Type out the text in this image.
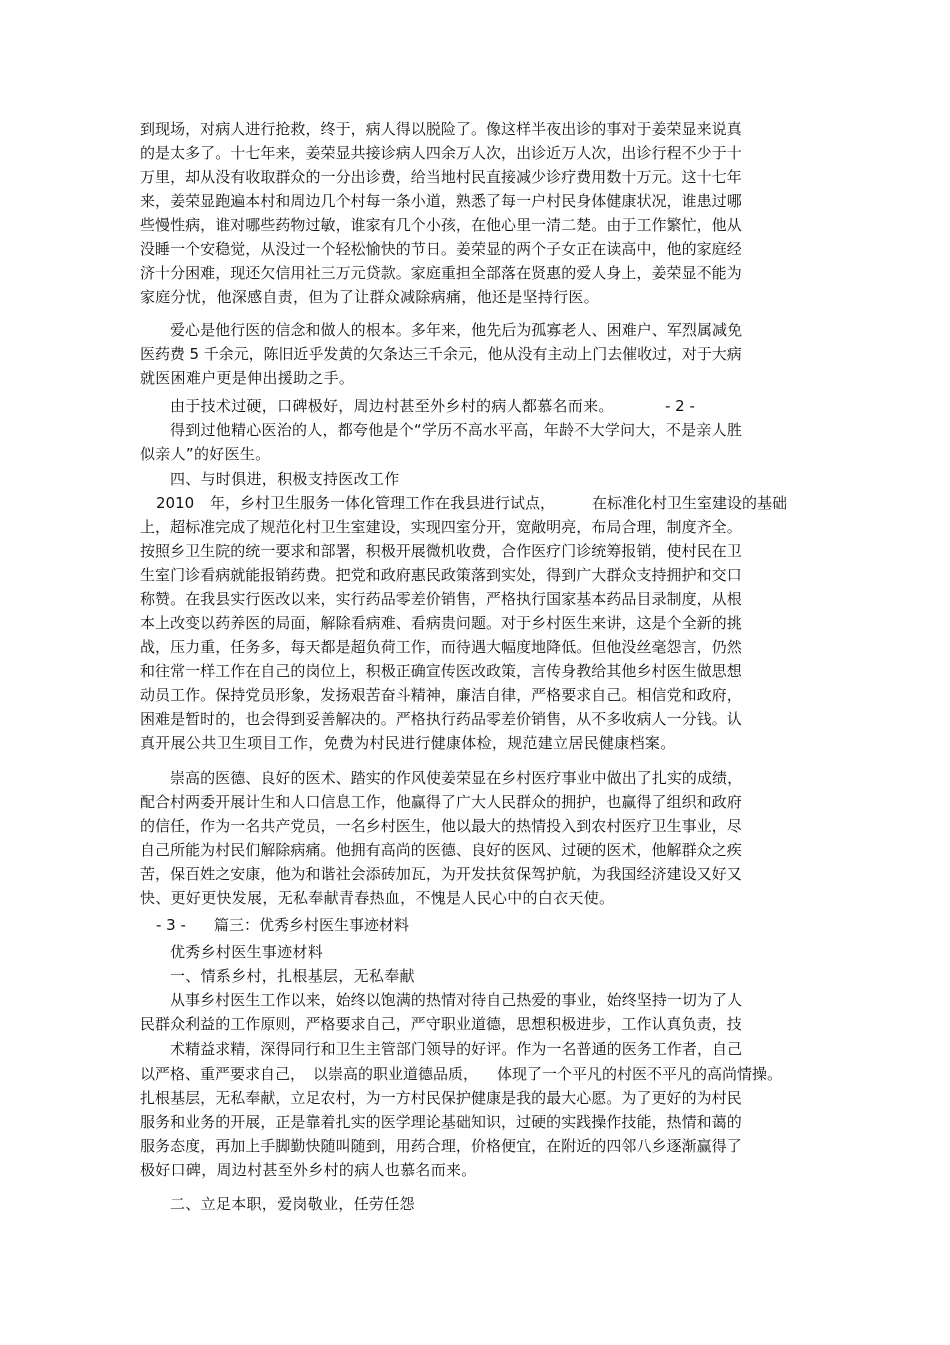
到现场，对病人进行抢救，终于，病人得以脱险了。像这样半夜出诊的事对于姜荣显来说真
的是太多了。十七年来，姜荣显共接诊病人四余万人次，出诊近万人次，出诊行程不少于十
万里，却从没有收取群众的一分出诊费，给当地村民直接减少诊疗费用数十万元。这十七年
来，姜荣显跑遍本村和周边几个村每一条小道，熟悉了每一户村民身体健康状况，谁患过哪
些慢性病，谁对哪些药物过敏，谁家有几个小孩，在他心里一清二楚。由于工作繁忙，他从
没睡一个安稳觉，从没过一个轻松愉快的节日。姜荣显的两个子女正在读高中，他的家庭经
济十分困难，现还欠信用社三万元贷款。家庭重担全部落在贤惠的爱人身上，姜荣显不能为
家庭分忧，他深感自责，但为了让群众减除病痛，他还是坚持行医。
爱心是他行医的信念和做人的根本。多年来，他先后为孤寡老人、困难户、军烈属减免
医药费 5 千余元，陈旧近乎发黄的欠条达三千余元，他从没有主动上门去催收过，对于大病
就医困难户更是伸出援助之手。
由于技术过硬，口碑极好，周边村甚至外乡村的病人都慕名而来。	- 2 -
得到过他精心医治的人，都夸他是个“学历不高水平高，年龄不大学问大，不是亲人胜
似亲人”的好医生。
四、与时俱进，积极支持医改工作
2010 年，乡村卫生服务一体化管理工作在我县进行试点， 在标准化村卫生室建设的基础
上，超标准完成了规范化村卫生室建设，实现四室分开，宽敞明亮，布局合理，制度齐全。
按照乡卫生院的统一要求和部署，积极开展微机收费，合作医疗门诊统筹报销，使村民在卫
生室门诊看病就能报销药费。把党和政府惠民政策落到实处，得到广大群众支持拥护和交口
称赞。在我县实行医改以来，实行药品零差价销售，严格执行国家基本药品目录制度，从根
本上改变以药养医的局面，解除看病难、看病贵问题。对于乡村医生来讲，这是个全新的挑
战，压力重，任务多，每天都是超负荷工作，而待遇大幅度地降低。但他没丝毫怨言，仍然
和往常一样工作在自己的岗位上，积极正确宣传医改政策，言传身教给其他乡村医生做思想
动员工作。保持党员形象，发扬艰苦奋斗精神，廉洁自律，严格要求自己。相信党和政府，
困难是暂时的，也会得到妥善解决的。严格执行药品零差价销售，从不多收病人一分钱。认
真开展公共卫生项目工作，免费为村民进行健康体检，规范建立居民健康档案。
崇高的医德、良好的医术、踏实的作风使姜荣显在乡村医疗事业中做出了扎实的成绩，
配合村两委开展计生和人口信息工作，他赢得了广大人民群众的拥护，也赢得了组织和政府
的信任，作为一名共产党员，一名乡村医生，他以最大的热情投入到农村医疗卫生事业，尽
自己所能为村民们解除病痛。他拥有高尚的医德、良好的医风、过硬的医术，他解群众之疾
苦，保百姓之安康，他为和谐社会添砖加瓦，为开发扶贫保驾护航，为我国经济建设又好又
快、更好更快发展，无私奉献青春热血，不愧是人民心中的白衣天使。
- 3 - 篇三：优秀乡村医生事迹材料
优秀乡村医生事迹材料
一、情系乡村，扎根基层，无私奉献
从事乡村医生工作以来，始终以饱满的热情对待自己热爱的事业，始终坚持一切为了人
民群众利益的工作原则，严格要求自己，严守职业道德，思想积极进步，工作认真负责，技
术精益求精，深得同行和卫生主管部门领导的好评。作为一名普通的医务工作者，自己
以严格、重严要求自己， 以崇高的职业道德品质， 体现了一个平凡的村医不平凡的高尚情操。
扎根基层，无私奉献，立足农村，为一方村民保护健康是我的最大心愿。为了更好的为村民
服务和业务的开展，正是靠着扎实的医学理论基础知识，过硬的实践操作技能，热情和蔼的
服务态度，再加上手脚勤快随叫随到，用药合理，价格便宜，在附近的四邻八乡逐渐赢得了
极好口碑，周边村甚至外乡村的病人也慕名而来。
二、立足本职，爱岗敬业，任劳任怨
